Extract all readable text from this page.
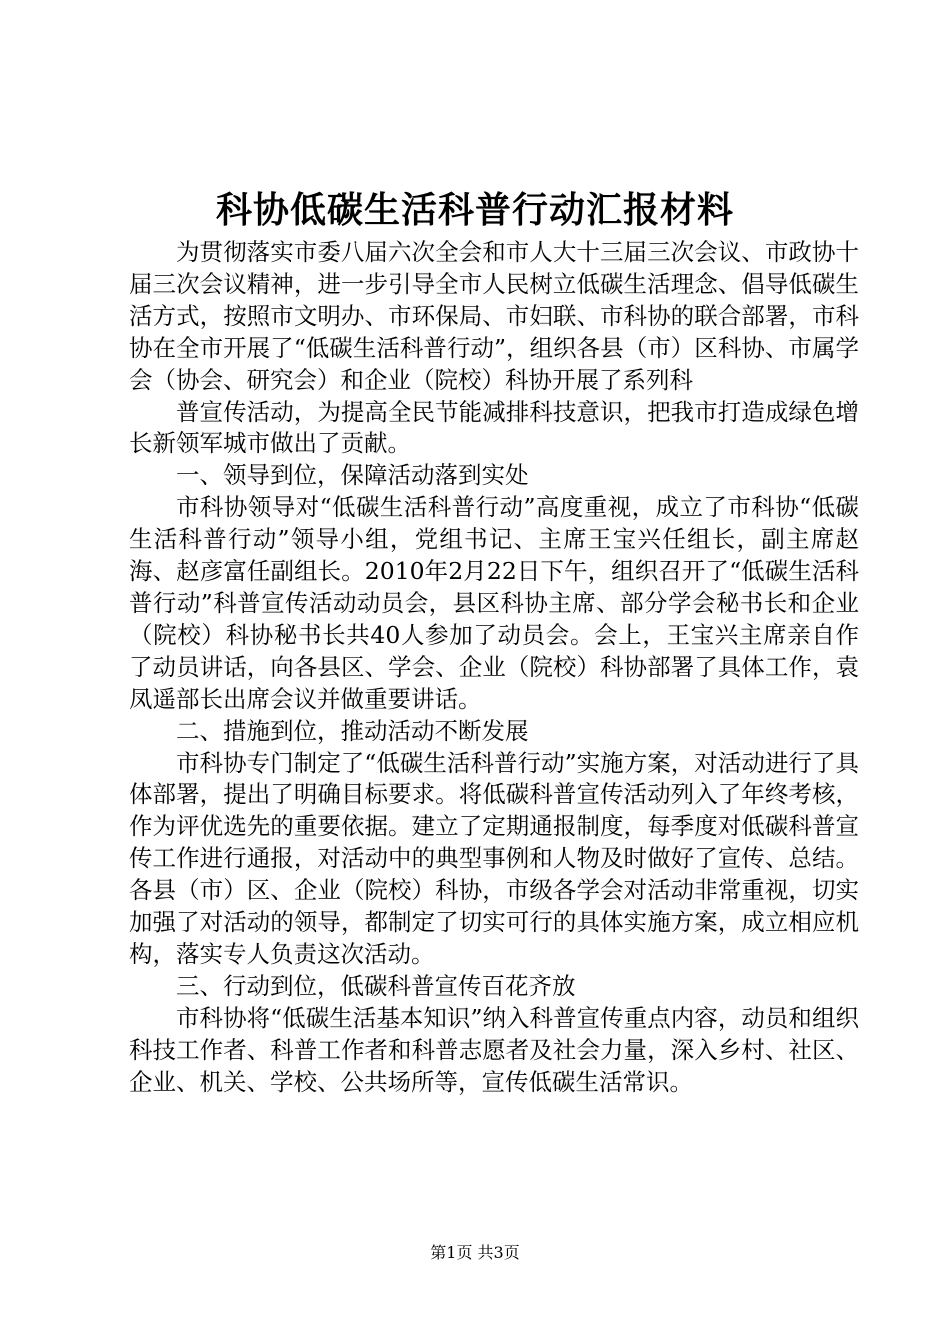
科协低碳生活科普行动汇报材料

为贯彻落实市委八届六次全会和市人大十三届三次会议、市政协十届三次会议精神，进一步引导全市人民树立低碳生活理念、倡导低碳生活方式，按照市文明办、市环保局、市妇联、市科协的联合部署，市科协在全市开展了“低碳生活科普行动”，组织各县（市）区科协、市属学会（协会、研究会）和企业（院校）科协开展了系列科

普宣传活动，为提高全民节能减排科技意识，把我市打造成绿色增长新领军城市做出了贡献。

一、领导到位，保障活动落到实处

市科协领导对“低碳生活科普行动”高度重视，成立了市科协“低碳生活科普行动”领导小组，党组书记、主席王宝兴任组长，副主席赵海、赵彦富任副组长。2010年2月22日下午，组织召开了“低碳生活科普行动”科普宣传活动动员会，县区科协主席、部分学会秘书长和企业（院校）科协秘书长共40人参加了动员会。会上，王宝兴主席亲自作了动员讲话，向各县区、学会、企业（院校）科协部署了具体工作，袁凤遥部长出席会议并做重要讲话。

二、措施到位，推动活动不断发展

市科协专门制定了“低碳生活科普行动”实施方案，对活动进行了具体部署，提出了明确目标要求。将低碳科普宣传活动列入了年终考核，作为评优选先的重要依据。建立了定期通报制度，每季度对低碳科普宣传工作进行通报，对活动中的典型事例和人物及时做好了宣传、总结。各县（市）区、企业（院校）科协，市级各学会对活动非常重视，切实加强了对活动的领导，都制定了切实可行的具体实施方案，成立相应机构，落实专人负责这次活动。

三、行动到位，低碳科普宣传百花齐放

市科协将“低碳生活基本知识”纳入科普宣传重点内容，动员和组织科技工作者、科普工作者和科普志愿者及社会力量，深入乡村、社区、企业、机关、学校、公共场所等，宣传低碳生活常识。

第1页 共3页
